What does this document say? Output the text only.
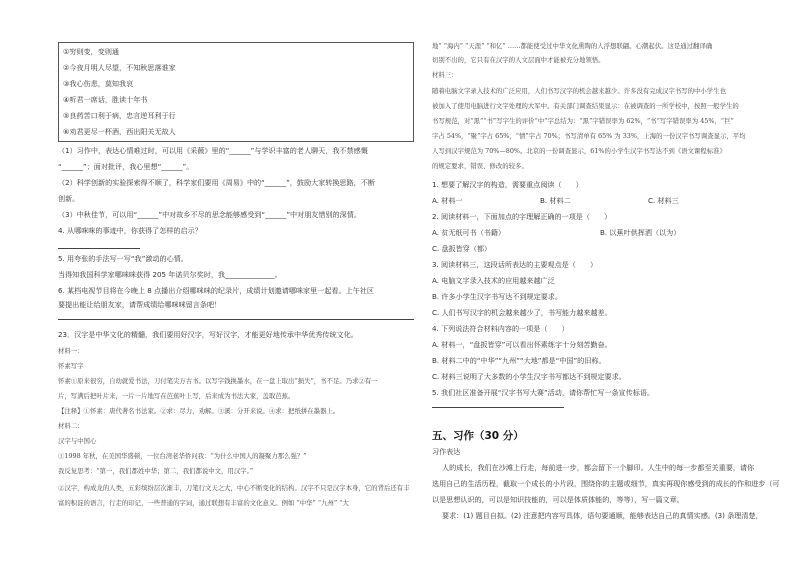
①穷则变，变则通
②今夜月明人尽望，不知秋思落谁家
③我心伤悲，莫知我哀
④听君一席话，胜读十年书
⑤良药苦口利于病，忠言逆耳利于行
⑥劝君更尽一杯酒，西出阳关无故人
（1）习作中，表达心情难过时，可以用《采薇》里的“______”与学识丰富的老人聊天，我不禁感慨
“______”；面对批评，我心里想“______”。
（2）科学创新的实验探索得不顺了，科学家们要用《周易》中的“______”，鼓励大家转换思路，不断
创新。
（3）中秋佳节，可以用“______”中对故乡不尽的思念能够感受到“______”中对朋友惜别的深情。
4. 从哪咪咪的事迹中，你获得了怎样的启示？
5. 用夸张的手法写一写“我”激动的心情。
当得知我国科学家哪咪咪获得 205 年诺贝尔奖时，我______________。
6. 某档电视节目将在今晚上 8 点播出介绍哪咪咪的纪录片，成绩计划邀请哪咪家里一起看。上午社区
要提出能让给朋友家，请帮成绩给哪咪咪留言条吧！
23．汉字是中华文化的精髓，我们要用好汉字，写好汉字，才能更好地传承中华优秀传统文化。
材料一：
怀素写字
怀素①原来很穷，自幼就爱书法，刀付笔尖万古书。以写字钱换墨水，在一盘上取出“损失”，书不足。乃求②有一
片，写满后把叶片来，一片一片地写在芭蕉叶上写，后来成为书法大家，盖取芭蕉。
【注释】①怀素：唐代著名书法家。②求：尽力，劝解。③溪：分开来说。④求：把纸拼在墨器上。
材料二：
汉字与中国心
①1998 年秋，在美国华盛顿，一位台湾老华侨问我：“为什么中国人的凝聚力那么强？”
我反复思考：“第一，我们都姓中华；第二，我们都说中文，用汉字。”
②汉字，构成龙的人类，五彩缤纷层次渐丰，刀笔行文天之大，中心不断变化的结构。汉字不只是汉字本身，它的背后还有丰
富的积淀的语言，行走的印记，一些普通的字词，通过联想有丰富的文化意义。例如 “中华” “九州” “大
地” “海内” “天涯” “和亿” ……都能使受过中华文化熏陶的人浮想联翩。心潮起伏。这是通过翻译确
切别不出的，它只有在汉字的人文层面中才能被充分地领悟。
材料三：
随着电脑文字录入技术的广泛应用，人们书写汉字的机会越来越少。许多没有完成汉字书写的中小学生也
被加入了使用电脑进行文字处理的大军中。有关部门调查结果显示：在被调查的一所学校中，按照一般学生的
书写规范，对“黑”“书”写字生的评价“中”字总结为：“黑”字错误率为 62%，“书”写字错误率为 45%，“巨”
字占 54%，“聚”字占 65%，“情”字占 70%；书写清单有 65% 为 33%，上海的一份汉字书写调查显示，平均
人写到汉字规范为 70%—80%。北京的一份调查显示，61%的小学生汉字书写达不到《语文课程标准》
的规定要求，错误、修改的较多。
1. 想要了解汉字的构造，需要重点阅读（　　）
A. 材料一	B. 材料二	C. 材料三
2. 阅读材料一，下面加点的字理解正确的一项是（　　）
A. 贫无纸可书（书籍）	B. 以蕉叶供挥洒（以为）
C. 盘扳皆穿（都）
3. 阅读材料三，这段话所表达的主要观点是（　　）
A. 电脑文字录入技术的应用越来越广泛
B. 许多小学生汉字书写达不到规定要求。
C. 人们书写汉字的机会越来越少了，书写能力越来越差。
4. 下列说法符合材料内容的一项是（　　）
A. 材料一，“盘扳皆穿”可以看出怀素练字十分刻苦勤奋。
B. 材料二中的“中华”“九州”“大地”都是“中国”的旧称。
C. 材料三说明了大多数的小学生汉字书写都达不到规定要求。
5. 我们社区准备开展“汉字书写大赛”活动，请你帮忙写一条宣传标语。
五、习作（30 分）
习作表达
人的成长，我们在沙滩上行走，每前进一步，都会留下一个脚印。人生中的每一步都至关重要，请你
选用自己的生活历程，截取一个成长的小片段，围绕你的主题或细节，真实再现你感受到的成长的作和进步（可
以是思想认识的，可以是知识技能的，可以是体质体能的，等等），写一篇文章。
要求：(1) 题目自拟。(2) 注意把内容写具体，语句要通顺，能够表达自己的真情实感。(3) 条理清楚，
